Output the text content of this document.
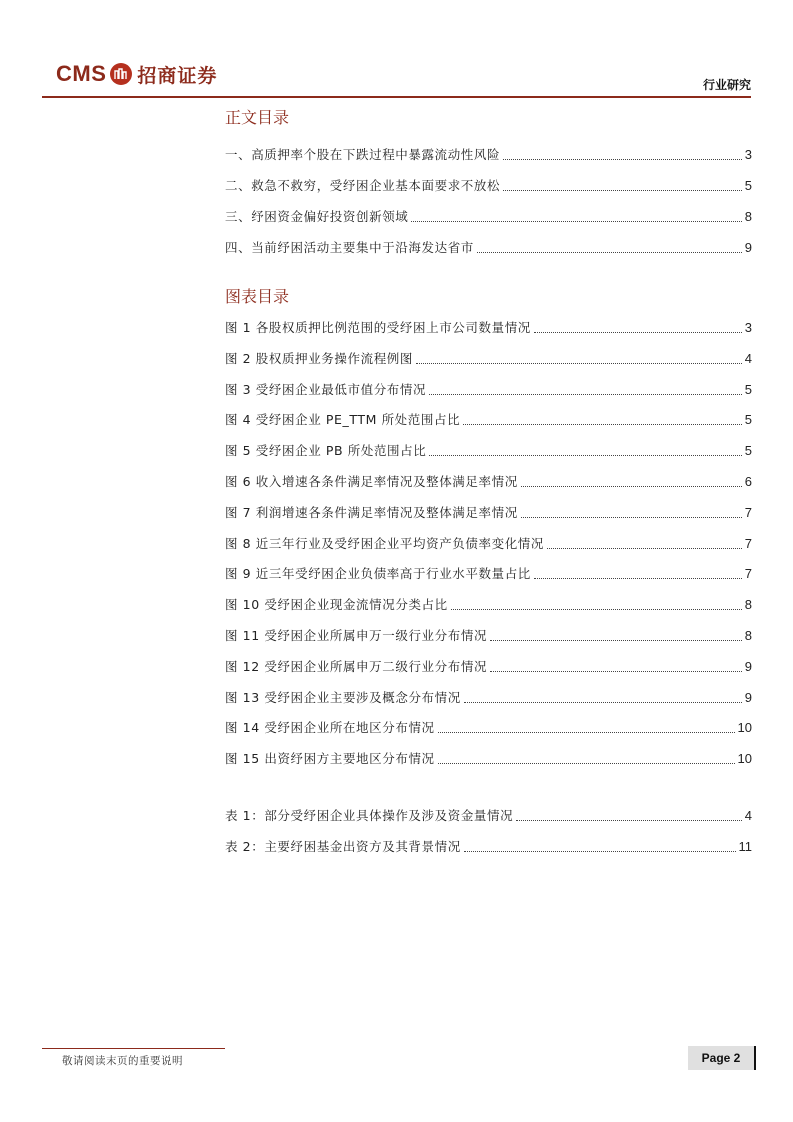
CMS 招商证券	行业研究
正文目录
一、高质押率个股在下跌过程中暴露流动性风险	3
二、救急不救穷，受纾困企业基本面要求不放松	5
三、纾困资金偏好投资创新领域	8
四、当前纾困活动主要集中于沿海发达省市	9
图表目录
图 1 各股权质押比例范围的受纾困上市公司数量情况	3
图 2 股权质押业务操作流程例图	4
图 3 受纾困企业最低市值分布情况	5
图 4 受纾困企业 PE_TTM 所处范围占比	5
图 5 受纾困企业 PB 所处范围占比	5
图 6 收入增速各条件满足率情况及整体满足率情况	6
图 7 利润增速各条件满足率情况及整体满足率情况	7
图 8 近三年行业及受纾困企业平均资产负债率变化情况	7
图 9 近三年受纾困企业负债率高于行业水平数量占比	7
图 10 受纾困企业现金流情况分类占比	8
图 11 受纾困企业所属申万一级行业分布情况	8
图 12 受纾困企业所属申万二级行业分布情况	9
图 13 受纾困企业主要涉及概念分布情况	9
图 14 受纾困企业所在地区分布情况	10
图 15 出资纾困方主要地区分布情况	10
表 1：部分受纾困企业具体操作及涉及资金量情况	4
表 2：主要纾困基金出资方及其背景情况	11
敬请阅读末页的重要说明	Page 2
